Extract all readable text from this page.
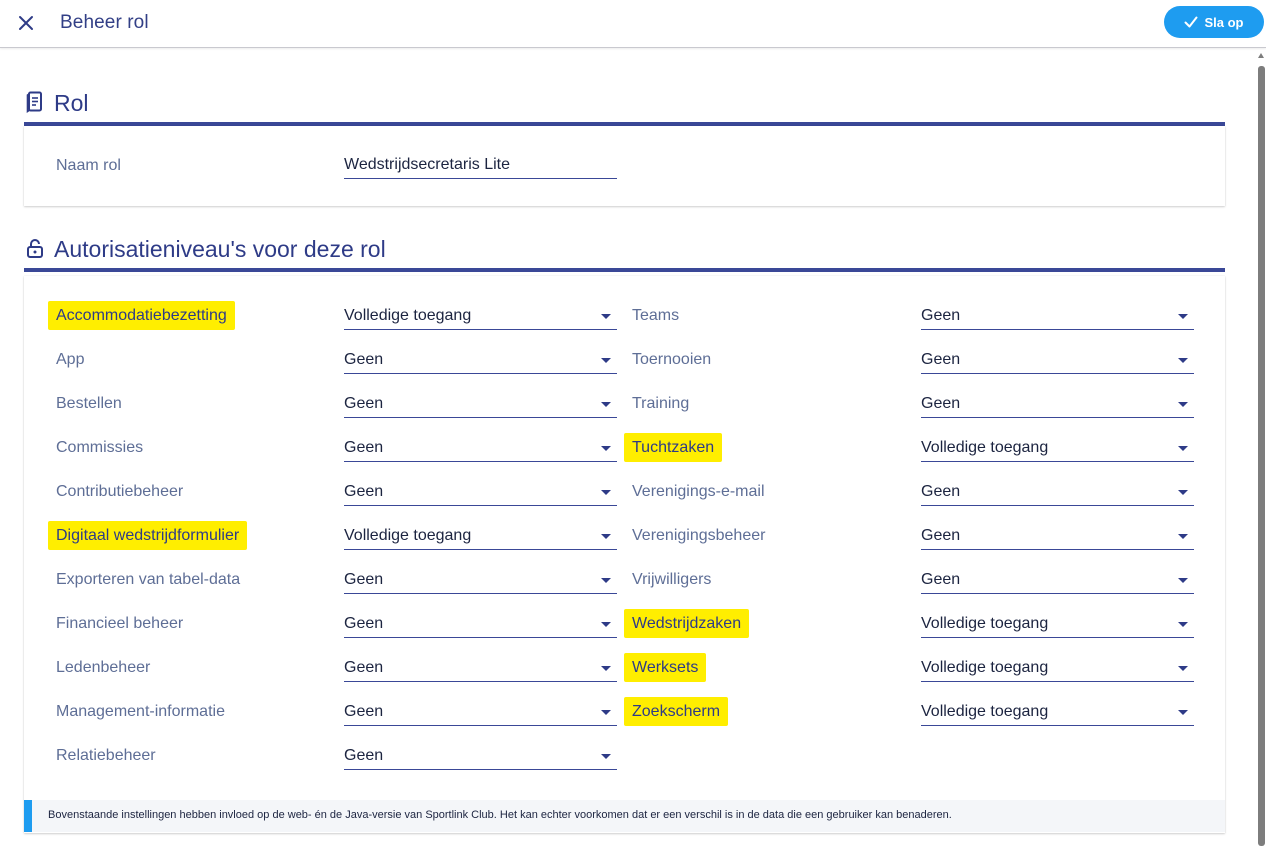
Beheer rol	Sla op
Rol
Naam rol	Wedstrijdsecretaris Lite
Autorisatieniveau's voor deze rol
Accommodatiebezetting	Volledige toegang
App	Geen
Bestellen	Geen
Commissies	Geen
Contributiebeheer	Geen
Digitaal wedstrijdformulier	Volledige toegang
Exporteren van tabel-data	Geen
Financieel beheer	Geen
Ledenbeheer	Geen
Management-informatie	Geen
Relatiebeheer	Geen
Teams	Geen
Toernooien	Geen
Training	Geen
Tuchtzaken	Volledige toegang
Verenigings-e-mail	Geen
Verenigingsbeheer	Geen
Vrijwilligers	Geen
Wedstrijdzaken	Volledige toegang
Werksets	Volledige toegang
Zoekscherm	Volledige toegang
Bovenstaande instellingen hebben invloed op de web- én de Java-versie van Sportlink Club. Het kan echter voorkomen dat er een verschil is in de data die een gebruiker kan benaderen.
